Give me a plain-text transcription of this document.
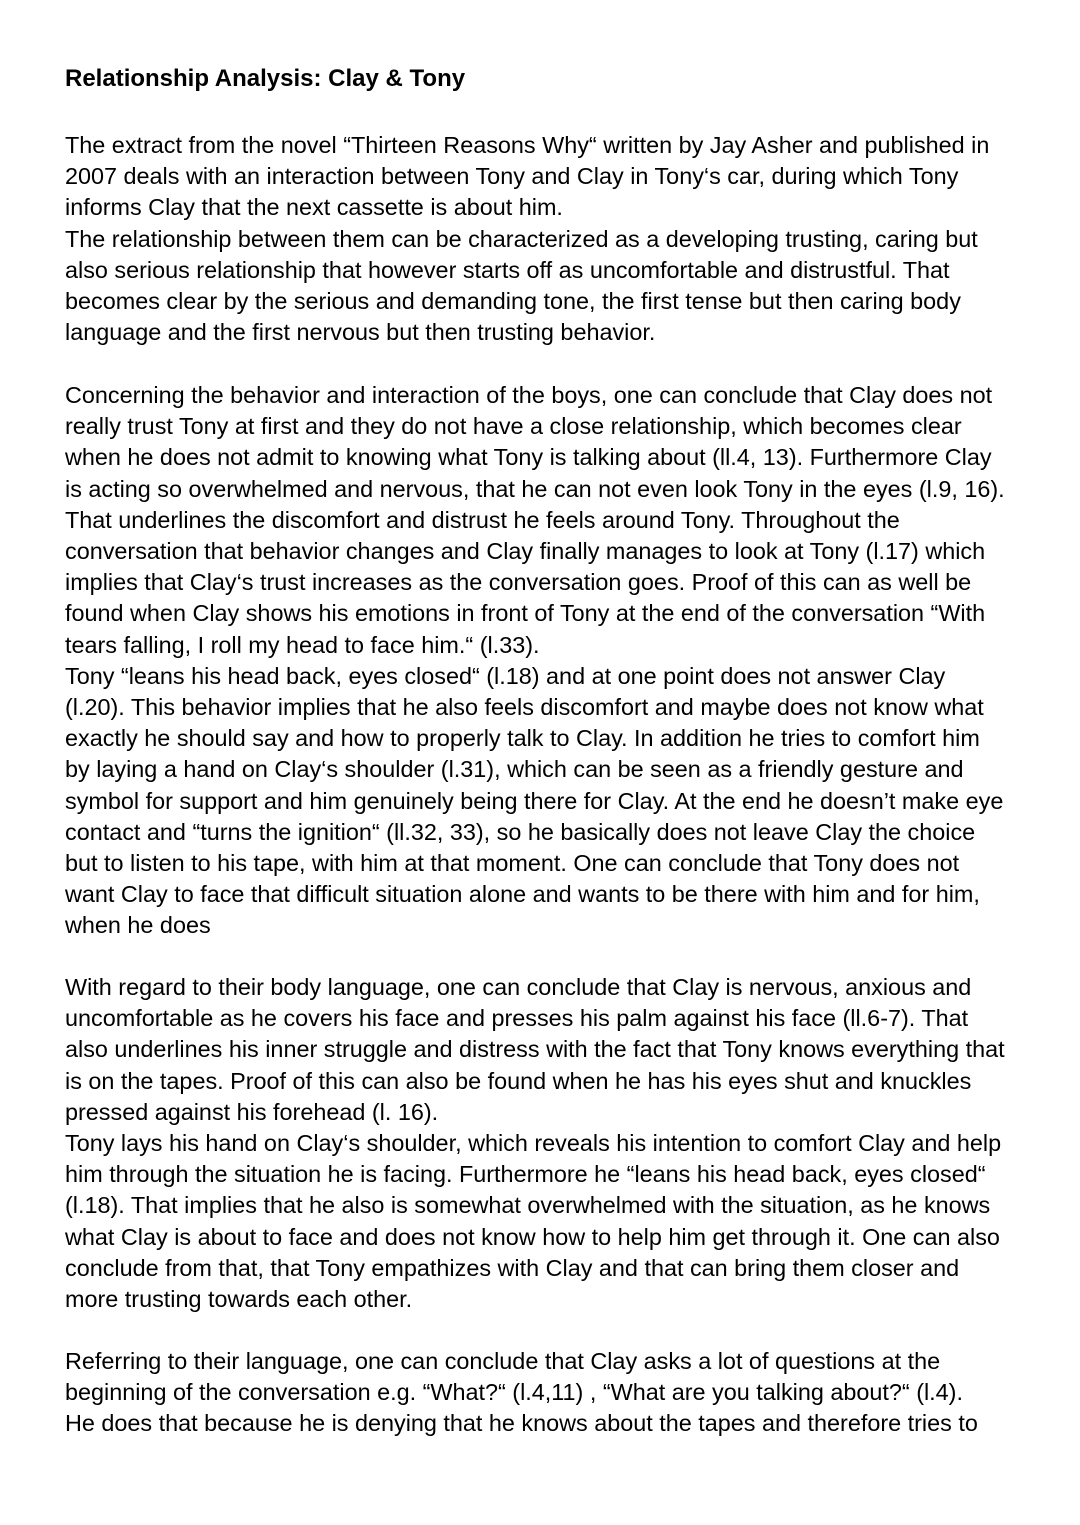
Relationship Analysis: Clay & Tony

The extract from the novel “Thirteen Reasons Why“ written by Jay Asher and published in
2007 deals with an interaction between Tony and Clay in Tony‘s car, during which Tony
informs Clay that the next cassette is about him.
The relationship between them can be characterized as a developing trusting, caring but
also serious relationship that however starts off as uncomfortable and distrustful. That
becomes clear by the serious and demanding tone, the first tense but then caring body
language and the first nervous but then trusting behavior.

Concerning the behavior and interaction of the boys, one can conclude that Clay does not
really trust Tony at first and they do not have a close relationship, which becomes clear
when he does not admit to knowing what Tony is talking about (ll.4, 13). Furthermore Clay
is acting so overwhelmed and nervous, that he can not even look Tony in the eyes (l.9, 16).
That underlines the discomfort and distrust he feels around Tony. Throughout the
conversation that behavior changes and Clay finally manages to look at Tony (l.17) which
implies that Clay‘s trust increases as the conversation goes. Proof of this can as well be
found when Clay shows his emotions in front of Tony at the end of the conversation “With
tears falling, I roll my head to face him.“ (l.33).
Tony “leans his head back, eyes closed“ (l.18) and at one point does not answer Clay
(l.20). This behavior implies that he also feels discomfort and maybe does not know what
exactly he should say and how to properly talk to Clay. In addition he tries to comfort him
by laying a hand on Clay‘s shoulder (l.31), which can be seen as a friendly gesture and
symbol for support and him genuinely being there for Clay. At the end he doesn’t make eye
contact and “turns the ignition“ (ll.32, 33), so he basically does not leave Clay the choice
but to listen to his tape, with him at that moment. One can conclude that Tony does not
want Clay to face that difficult situation alone and wants to be there with him and for him,
when he does

With regard to their body language, one can conclude that Clay is nervous, anxious and
uncomfortable as he covers his face and presses his palm against his face (ll.6-7). That
also underlines his inner struggle and distress with the fact that Tony knows everything that
is on the tapes. Proof of this can also be found when he has his eyes shut and knuckles
pressed against his forehead (l. 16).
Tony lays his hand on Clay‘s shoulder, which reveals his intention to comfort Clay and help
him through the situation he is facing. Furthermore he “leans his head back, eyes closed“
(l.18). That implies that he also is somewhat overwhelmed with the situation, as he knows
what Clay is about to face and does not know how to help him get through it. One can also
conclude from that, that Tony empathizes with Clay and that can bring them closer and
more trusting towards each other.

Referring to their language, one can conclude that Clay asks a lot of questions at the
beginning of the conversation e.g. “What?“ (l.4,11) , “What are you talking about?“ (l.4).
He does that because he is denying that he knows about the tapes and therefore tries to
